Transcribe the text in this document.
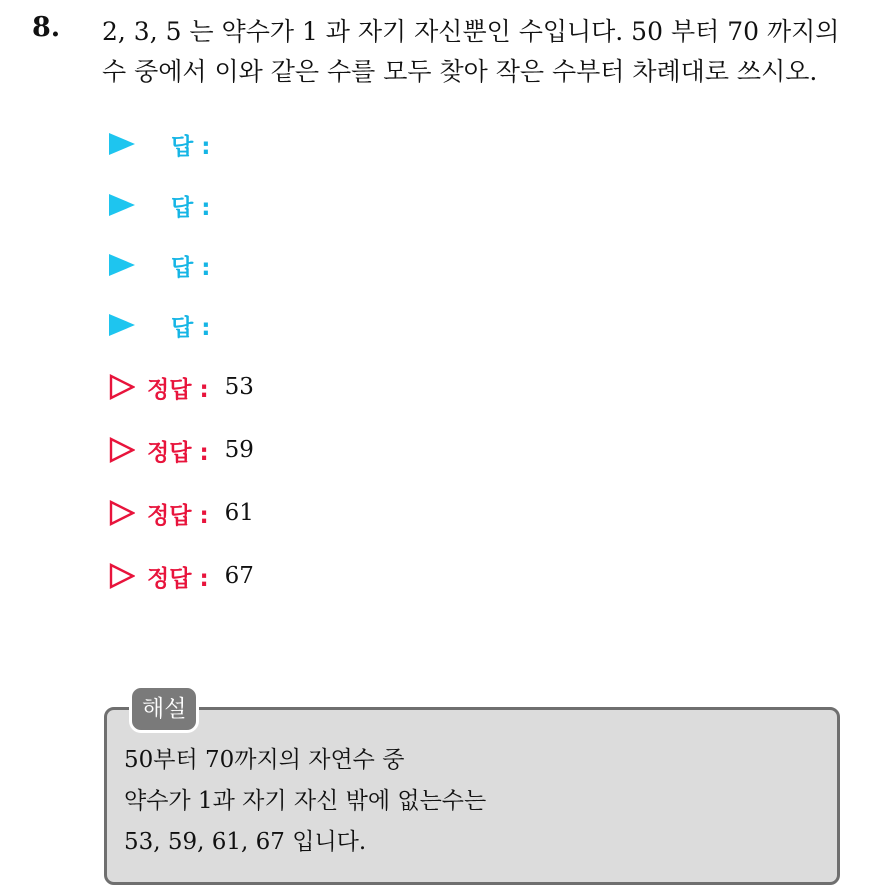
8. 2, 3, 5 는 약수가 1 과 자기 자신뿐인 수입니다. 50 부터 70 까지의
수 중에서 이와 같은 수를 모두 찾아 작은 수부터 차례대로 쓰시오.
답 :
답 :
답 :
답 :
정답 : 53
정답 : 59
정답 : 61
정답 : 67
해설
50부터 70까지의 자연수 중
약수가 1과 자기 자신 밖에 없는수는
53, 59, 61, 67 입니다.
